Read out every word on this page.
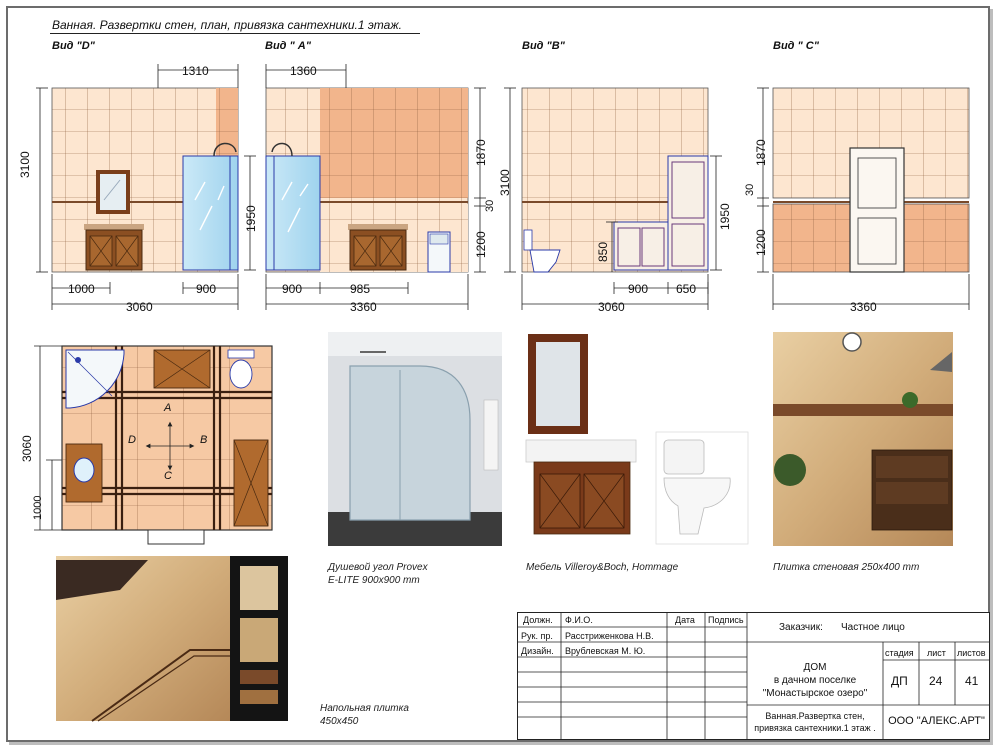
Ванная. Развертки стен, план, привязка сантехники.1 этаж.
Вид "D"	Вид " A"	Вид "B"	Вид " C"
3100
1310
1000	900
3060
1950
1360
900	985
3360
1870
30
1200
3100
850
900 650
3060
1950
1870
30
1200
3360
3060
1000
A
B
C
D
Душевой угол Provex
E-LITE 900x900 mm
Мебель Villeroy&Boch, Hommage	Плитка стеновая 250x400 mm
Напольная плитка
450x450
Должн. Ф.И.О.	Дата Подпись
Рук. пр. Расстриженкова Н.В.
Дизайн. Врублевская М. Ю.
Заказчик: Частное лицо
ДОМ
в дачном поселке
"Монастырское озеро"
стадия лист листов
ДП 24 41
Ванная.Развертка стен,
привязка сантехники.1 этаж .
ООО "АЛЕКС.АРТ"
